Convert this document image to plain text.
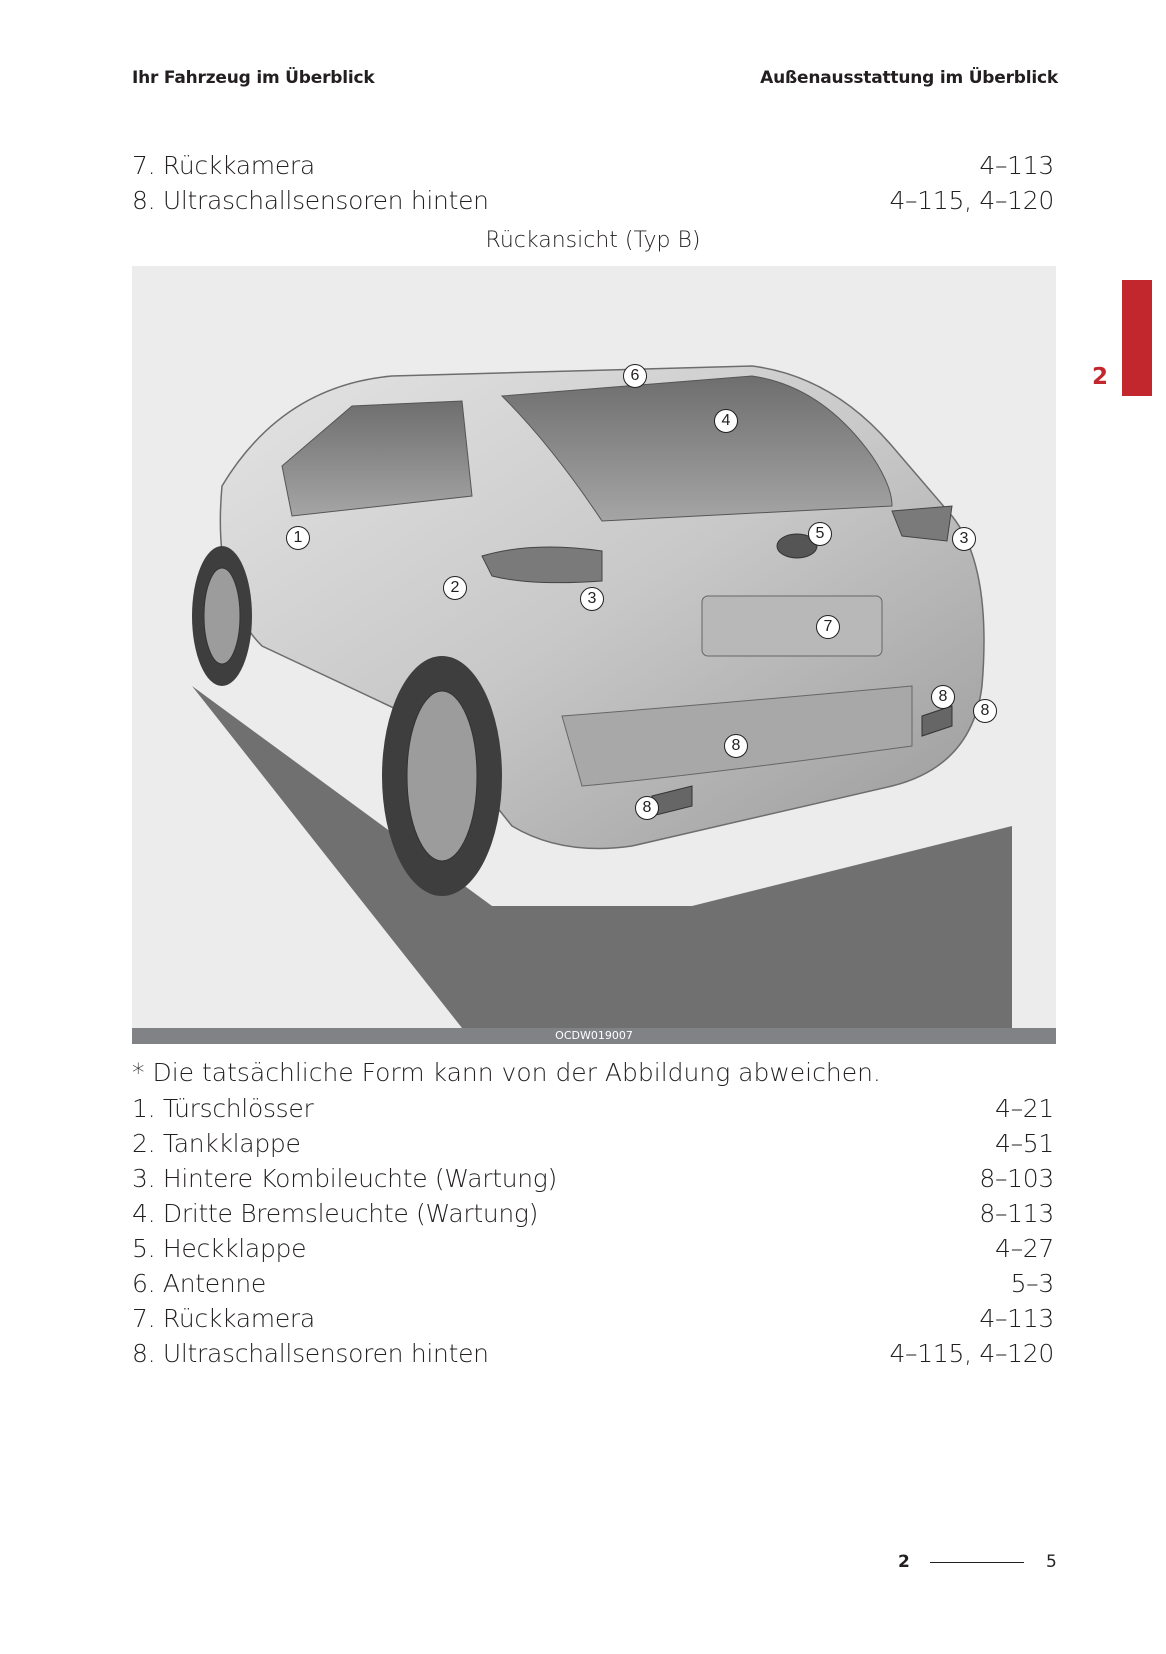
Ihr Fahrzeug im Überblick	Außenausstattung im Überblick
7. Rückkamera	4–113
8. Ultraschallsensoren hinten	4–115, 4–120
Rückansicht (Typ B)
2
6
4
1	5	3
2
3
7
8
8
8
8
OCDW019007
* Die tatsächliche Form kann von der Abbildung abweichen.
1. Türschlösser	4–21
2. Tankklappe	4–51
3. Hintere Kombileuchte (Wartung)	8–103
4. Dritte Bremsleuchte (Wartung)	8–113
5. Heckklappe	4–27
6. Antenne	5–3
7. Rückkamera	4–113
8. Ultraschallsensoren hinten	4–115, 4–120
2	5
